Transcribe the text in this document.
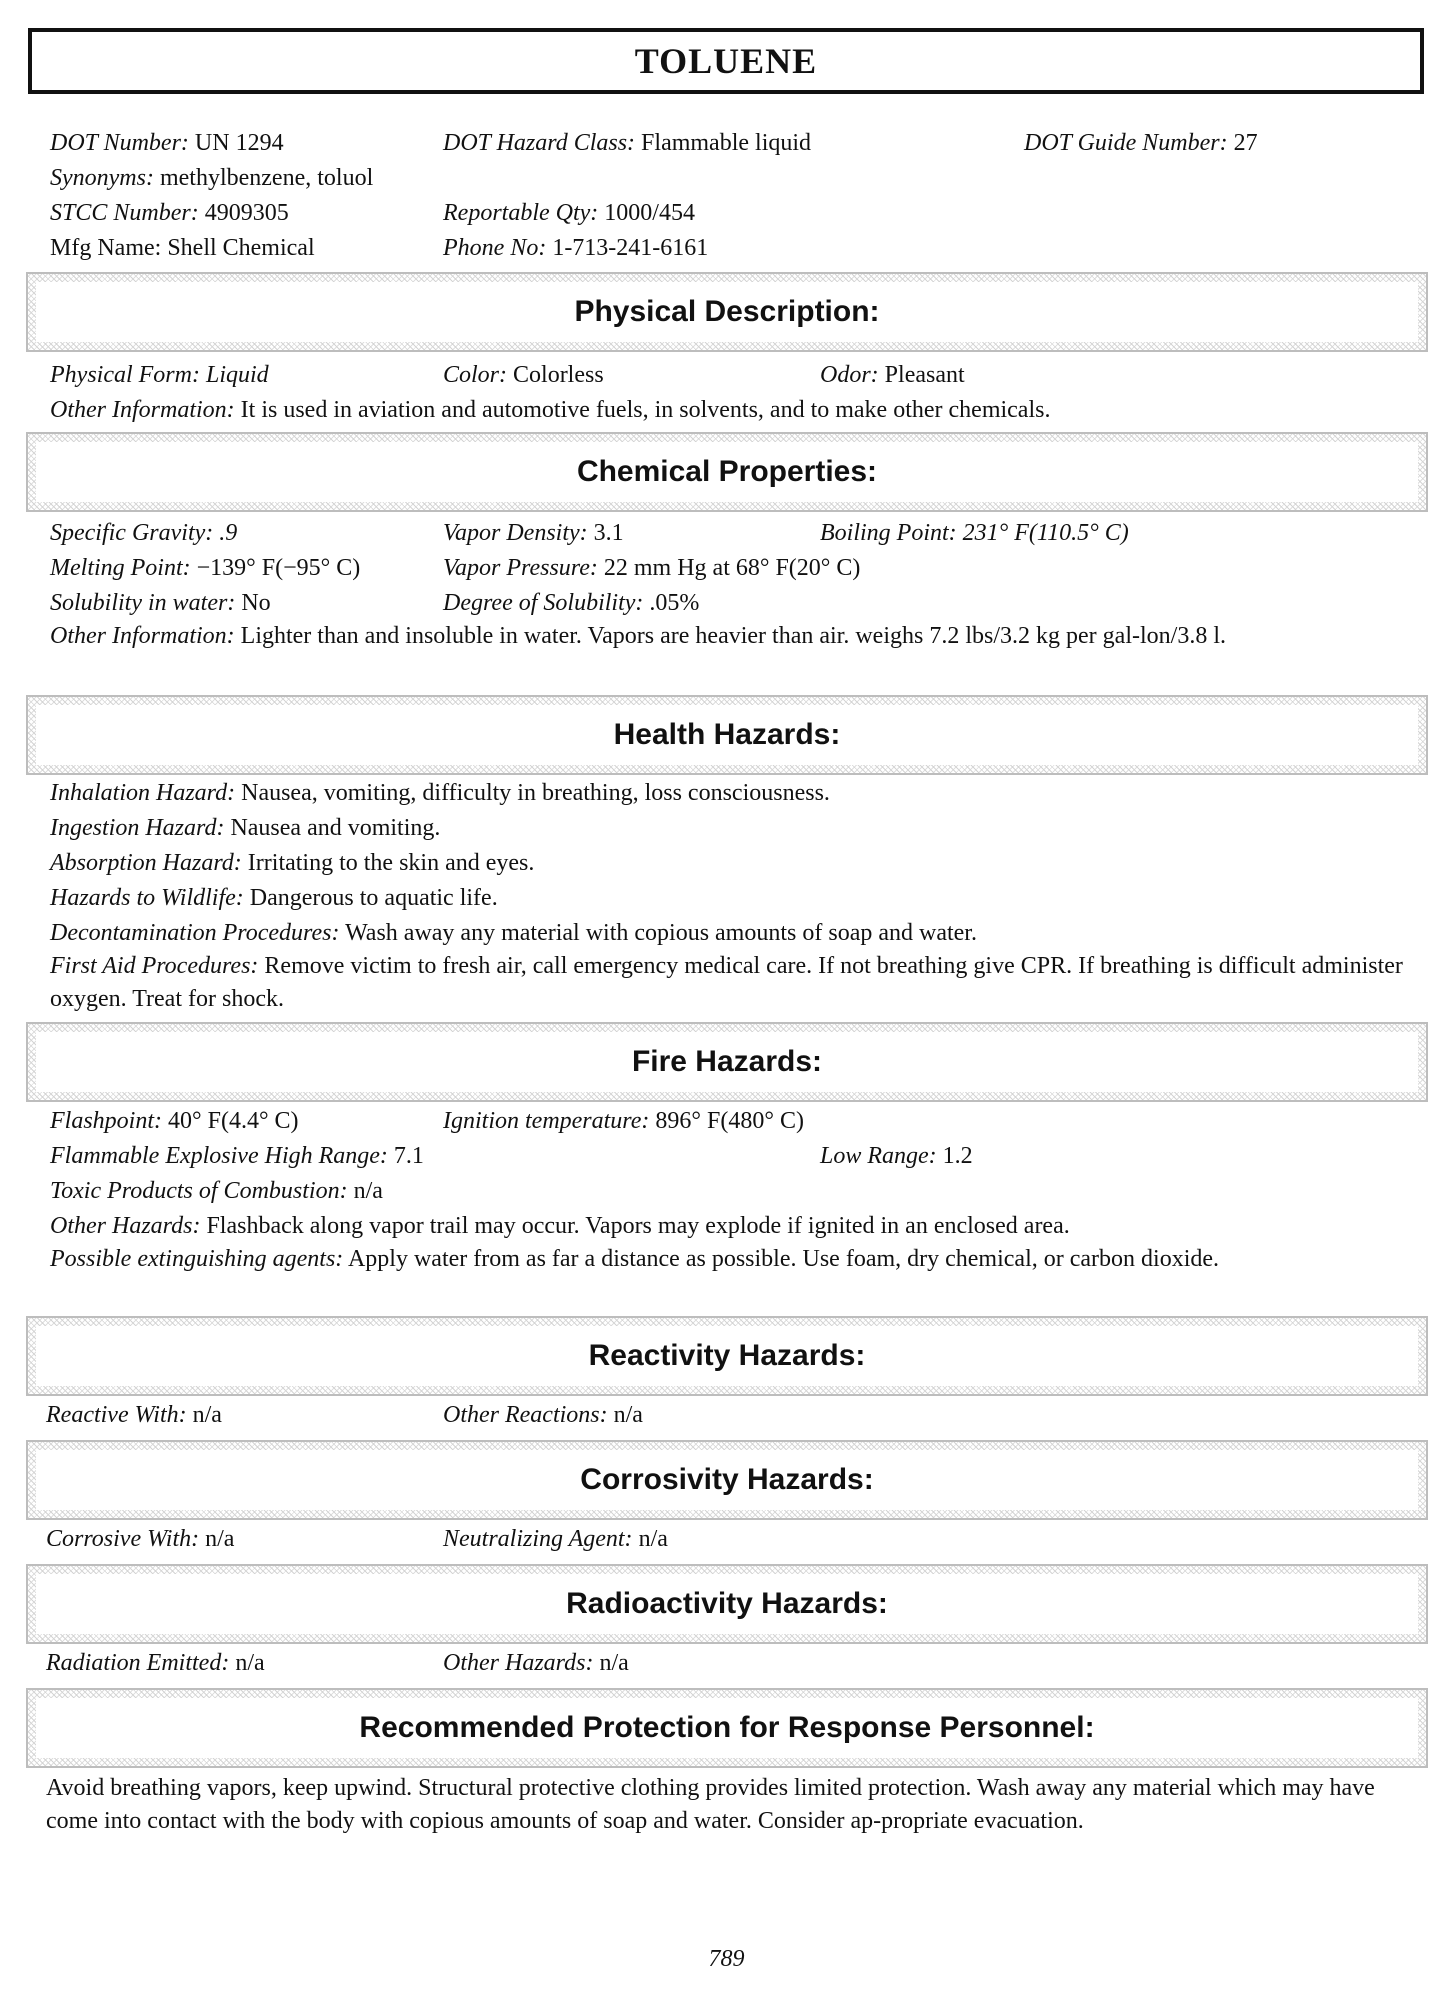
TOLUENE
DOT Number: UN 1294	DOT Hazard Class: Flammable liquid	DOT Guide Number: 27
Synonyms: methylbenzene, toluol
STCC Number: 4909305	Reportable Qty: 1000/454
Mfg Name: Shell Chemical	Phone No: 1-713-241-6161
Physical Description:
Physical Form: Liquid	Color: Colorless	Odor: Pleasant
Other Information: It is used in aviation and automotive fuels, in solvents, and to make other chemicals.
Chemical Properties:
Specific Gravity: .9	Vapor Density: 3.1	Boiling Point: 231° F(110.5° C)
Melting Point: −139° F(−95° C)	Vapor Pressure: 22 mm Hg at 68° F(20° C)
Solubility in water: No	Degree of Solubility: .05%
Other Information: Lighter than and insoluble in water. Vapors are heavier than air. weighs 7.2 lbs/3.2 kg per gal-lon/3.8 l.
Health Hazards:
Inhalation Hazard: Nausea, vomiting, difficulty in breathing, loss consciousness.
Ingestion Hazard: Nausea and vomiting.
Absorption Hazard: Irritating to the skin and eyes.
Hazards to Wildlife: Dangerous to aquatic life.
Decontamination Procedures: Wash away any material with copious amounts of soap and water.
First Aid Procedures: Remove victim to fresh air, call emergency medical care. If not breathing give CPR. If breathing is difficult administer oxygen. Treat for shock.
Fire Hazards:
Flashpoint: 40° F(4.4° C)	Ignition temperature: 896° F(480° C)
Flammable Explosive High Range: 7.1	Low Range: 1.2
Toxic Products of Combustion: n/a
Other Hazards: Flashback along vapor trail may occur. Vapors may explode if ignited in an enclosed area.
Possible extinguishing agents: Apply water from as far a distance as possible. Use foam, dry chemical, or carbon dioxide.
Reactivity Hazards:
Reactive With: n/a	Other Reactions: n/a
Corrosivity Hazards:
Corrosive With: n/a	Neutralizing Agent: n/a
Radioactivity Hazards:
Radiation Emitted: n/a	Other Hazards: n/a
Recommended Protection for Response Personnel:
Avoid breathing vapors, keep upwind. Structural protective clothing provides limited protection. Wash away any material which may have come into contact with the body with copious amounts of soap and water. Consider ap-propriate evacuation.
789
